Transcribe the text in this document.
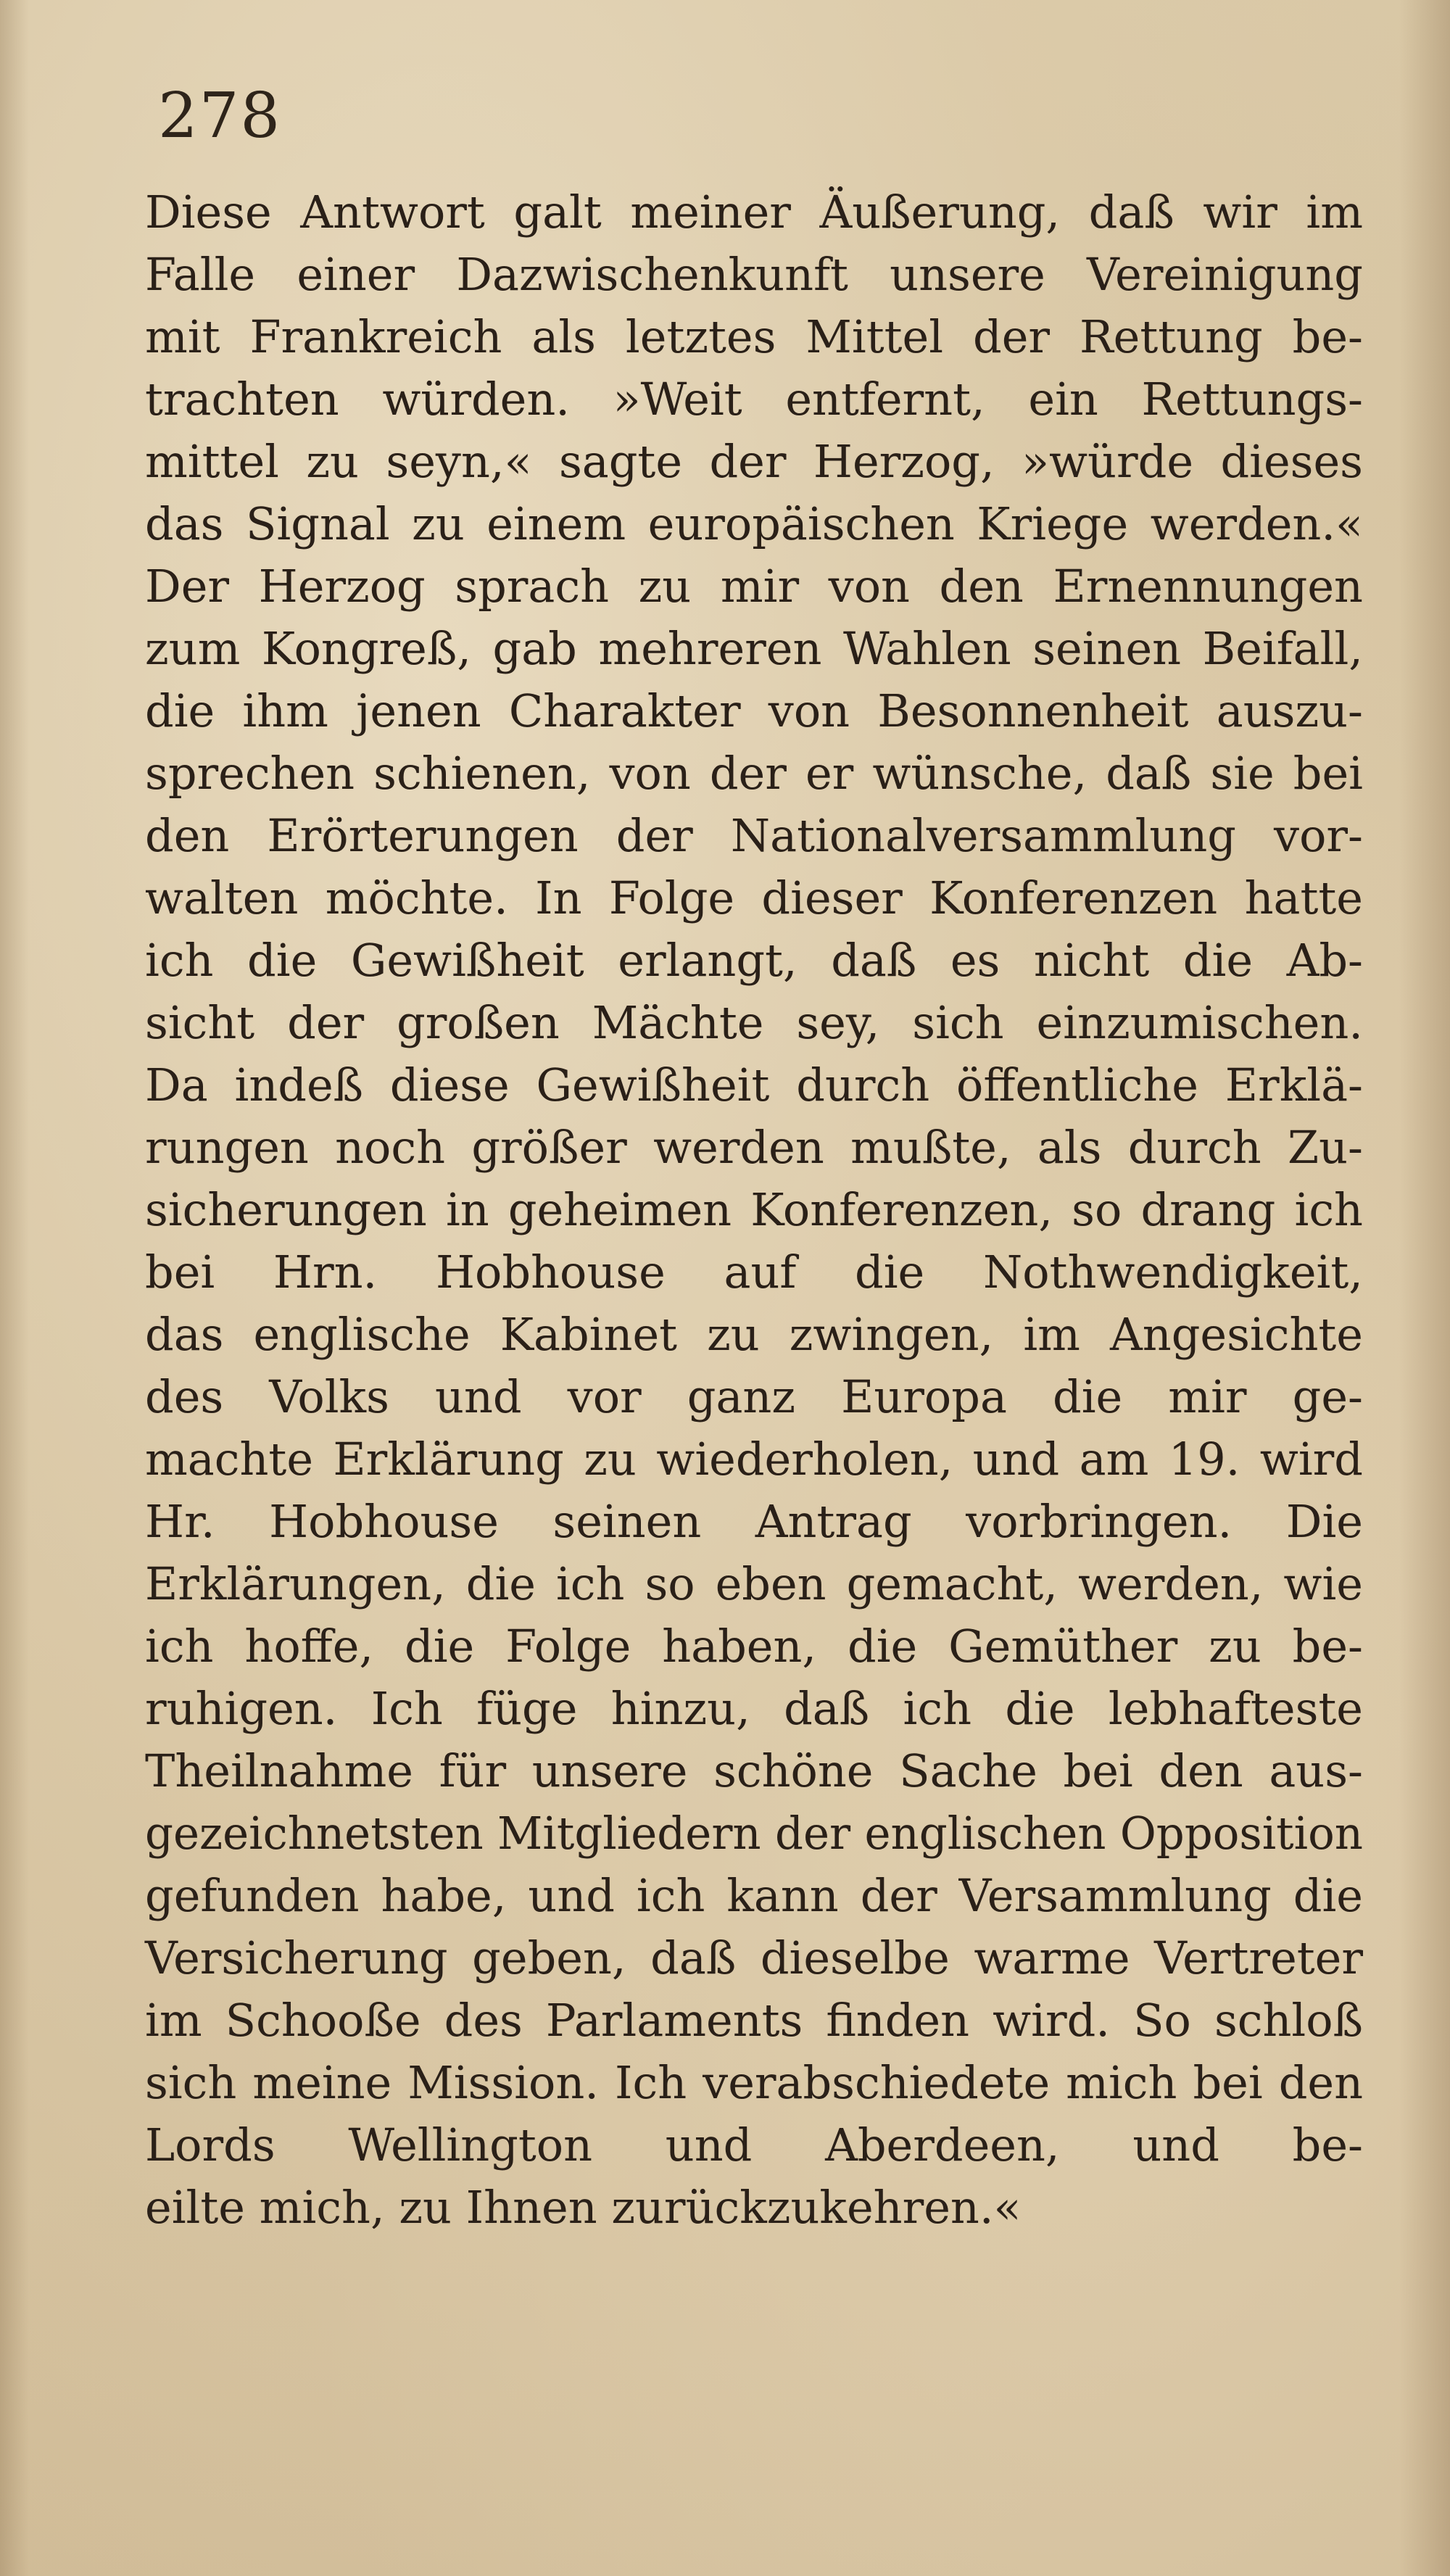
278
Diese Antwort galt meiner Äußerung, daß wir im
Falle einer Dazwischenkunft unsere Vereinigung
mit Frankreich als letztes Mittel der Rettung be-
trachten würden. »Weit entfernt, ein Rettungs-
mittel zu seyn,« sagte der Herzog, »würde dieses
das Signal zu einem europäischen Kriege werden.«
Der Herzog sprach zu mir von den Ernennungen
zum Kongreß, gab mehreren Wahlen seinen Beifall,
die ihm jenen Charakter von Besonnenheit auszu-
sprechen schienen, von der er wünsche, daß sie bei
den Erörterungen der Nationalversammlung vor-
walten möchte. In Folge dieser Konferenzen hatte
ich die Gewißheit erlangt, daß es nicht die Ab-
sicht der großen Mächte sey, sich einzumischen.
Da indeß diese Gewißheit durch öffentliche Erklä-
rungen noch größer werden mußte, als durch Zu-
sicherungen in geheimen Konferenzen, so drang ich
bei Hrn. Hobhouse auf die Nothwendigkeit,
das englische Kabinet zu zwingen, im Angesichte
des Volks und vor ganz Europa die mir ge-
machte Erklärung zu wiederholen, und am 19. wird
Hr. Hobhouse seinen Antrag vorbringen. Die
Erklärungen, die ich so eben gemacht, werden, wie
ich hoffe, die Folge haben, die Gemüther zu be-
ruhigen. Ich füge hinzu, daß ich die lebhafteste
Theilnahme für unsere schöne Sache bei den aus-
gezeichnetsten Mitgliedern der englischen Opposition
gefunden habe, und ich kann der Versammlung die
Versicherung geben, daß dieselbe warme Vertreter
im Schooße des Parlaments finden wird. So schloß
sich meine Mission. Ich verabschiedete mich bei den
Lords Wellington und Aberdeen, und be-
eilte mich, zu Ihnen zurückzukehren.«
